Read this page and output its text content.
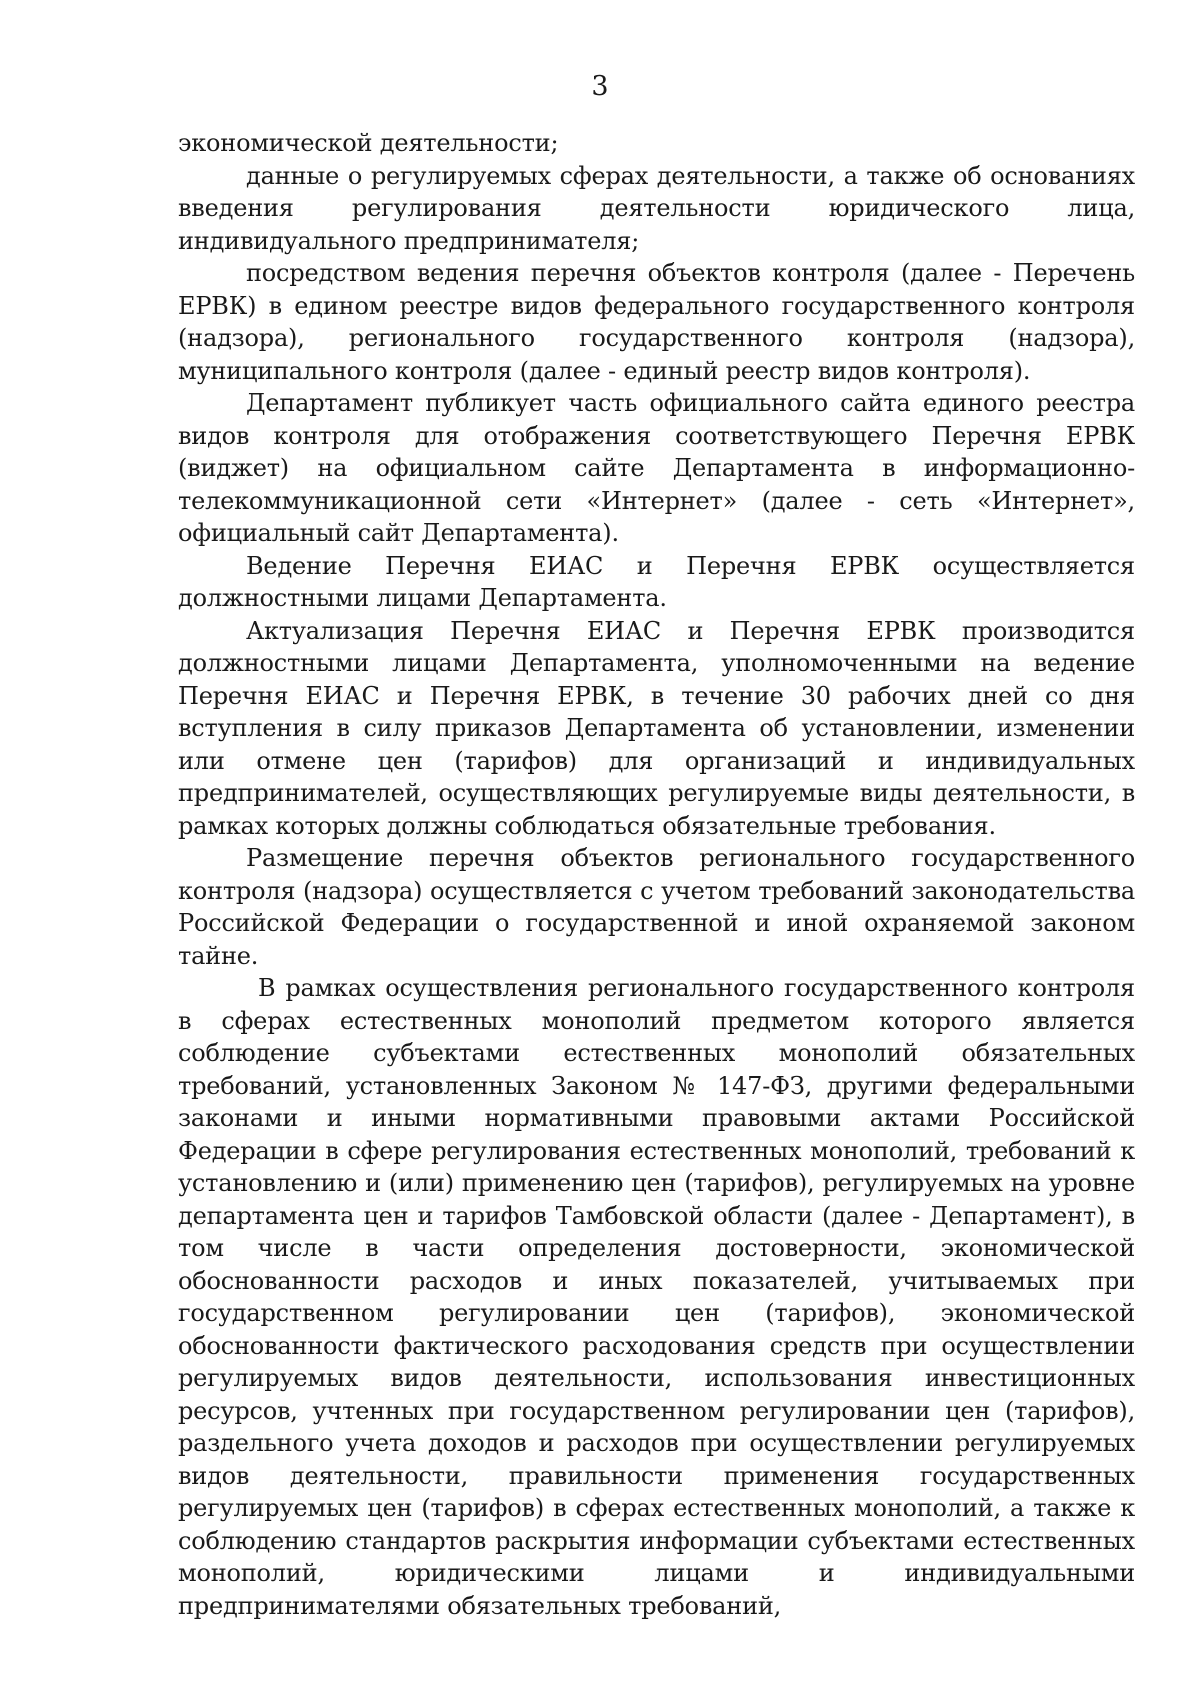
3

экономической деятельности;

данные о регулируемых сферах деятельности, а также об основаниях введения регулирования деятельности юридического лица, индивидуального предпринимателя;

посредством ведения перечня объектов контроля (далее - Перечень ЕРВК) в едином реестре видов федерального государственного контроля (надзора), регионального государственного контроля (надзора), муниципального контроля (далее - единый реестр видов контроля).

Департамент публикует часть официального сайта единого реестра видов контроля для отображения соответствующего Перечня ЕРВК (виджет) на официальном сайте Департамента в информационно-телекоммуникационной сети «Интернет» (далее - сеть «Интернет», официальный сайт Департамента).

Ведение Перечня ЕИАС и Перечня ЕРВК осуществляется должностными лицами Департамента.

Актуализация Перечня ЕИАС и Перечня ЕРВК производится должностными лицами Департамента, уполномоченными на ведение Перечня ЕИАС и Перечня ЕРВК, в течение 30 рабочих дней со дня вступления в силу приказов Департамента об установлении, изменении или отмене цен (тарифов) для организаций и индивидуальных предпринимателей, осуществляющих регулируемые виды деятельности, в рамках которых должны соблюдаться обязательные требования.

Размещение перечня объектов регионального государственного контроля (надзора) осуществляется с учетом требований законодательства Российской Федерации о государственной и иной охраняемой законом тайне.

В рамках осуществления регионального государственного контроля в сферах естественных монополий предметом которого является соблюдение субъектами естественных монополий обязательных требований, установленных Законом № 147-ФЗ, другими федеральными законами и иными нормативными правовыми актами Российской Федерации в сфере регулирования естественных монополий, требований к установлению и (или) применению цен (тарифов), регулируемых на уровне департамента цен и тарифов Тамбовской области (далее - Департамент), в том числе в части определения достоверности, экономической обоснованности расходов и иных показателей, учитываемых при государственном регулировании цен (тарифов), экономической обоснованности фактического расходования средств при осуществлении регулируемых видов деятельности, использования инвестиционных ресурсов, учтенных при государственном регулировании цен (тарифов), раздельного учета доходов и расходов при осуществлении регулируемых видов деятельности, правильности применения государственных регулируемых цен (тарифов) в сферах естественных монополий, а также к соблюдению стандартов раскрытия информации субъектами естественных монополий, юридическими лицами и индивидуальными предпринимателями обязательных требований,
